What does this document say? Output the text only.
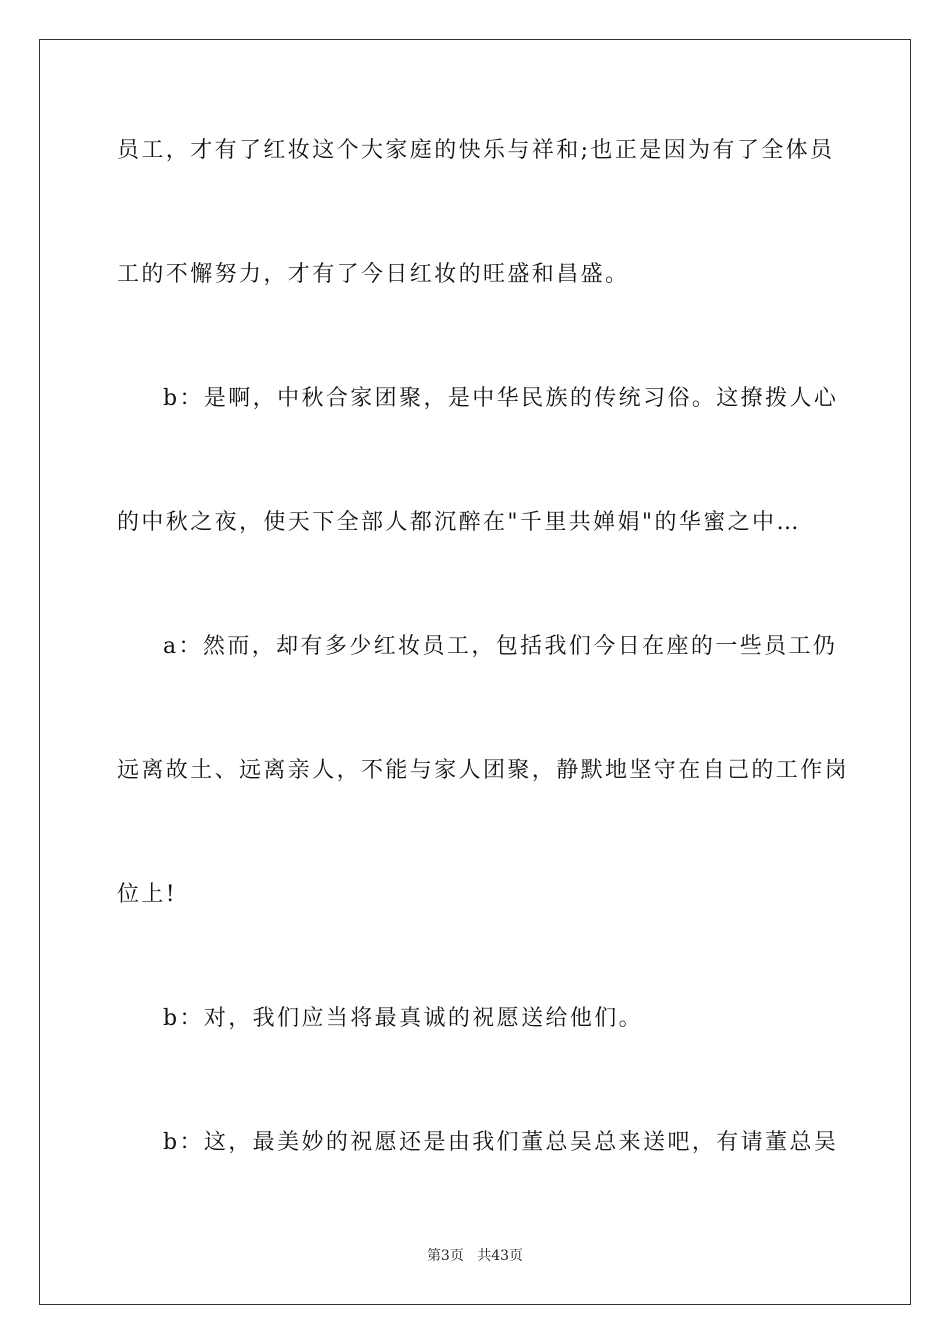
员工，才有了红妆这个大家庭的快乐与祥和;也正是因为有了全体员
工的不懈努力，才有了今日红妆的旺盛和昌盛。
b：是啊，中秋合家团聚，是中华民族的传统习俗。这撩拨人心
的中秋之夜，使天下全部人都沉醉在"千里共婵娟"的华蜜之中…
a：然而，却有多少红妆员工，包括我们今日在座的一些员工仍
远离故土、远离亲人，不能与家人团聚，静默地坚守在自己的工作岗
位上!
b：对，我们应当将最真诚的祝愿送给他们。
b：这，最美妙的祝愿还是由我们董总吴总来送吧，有请董总吴
第3页 共43页
